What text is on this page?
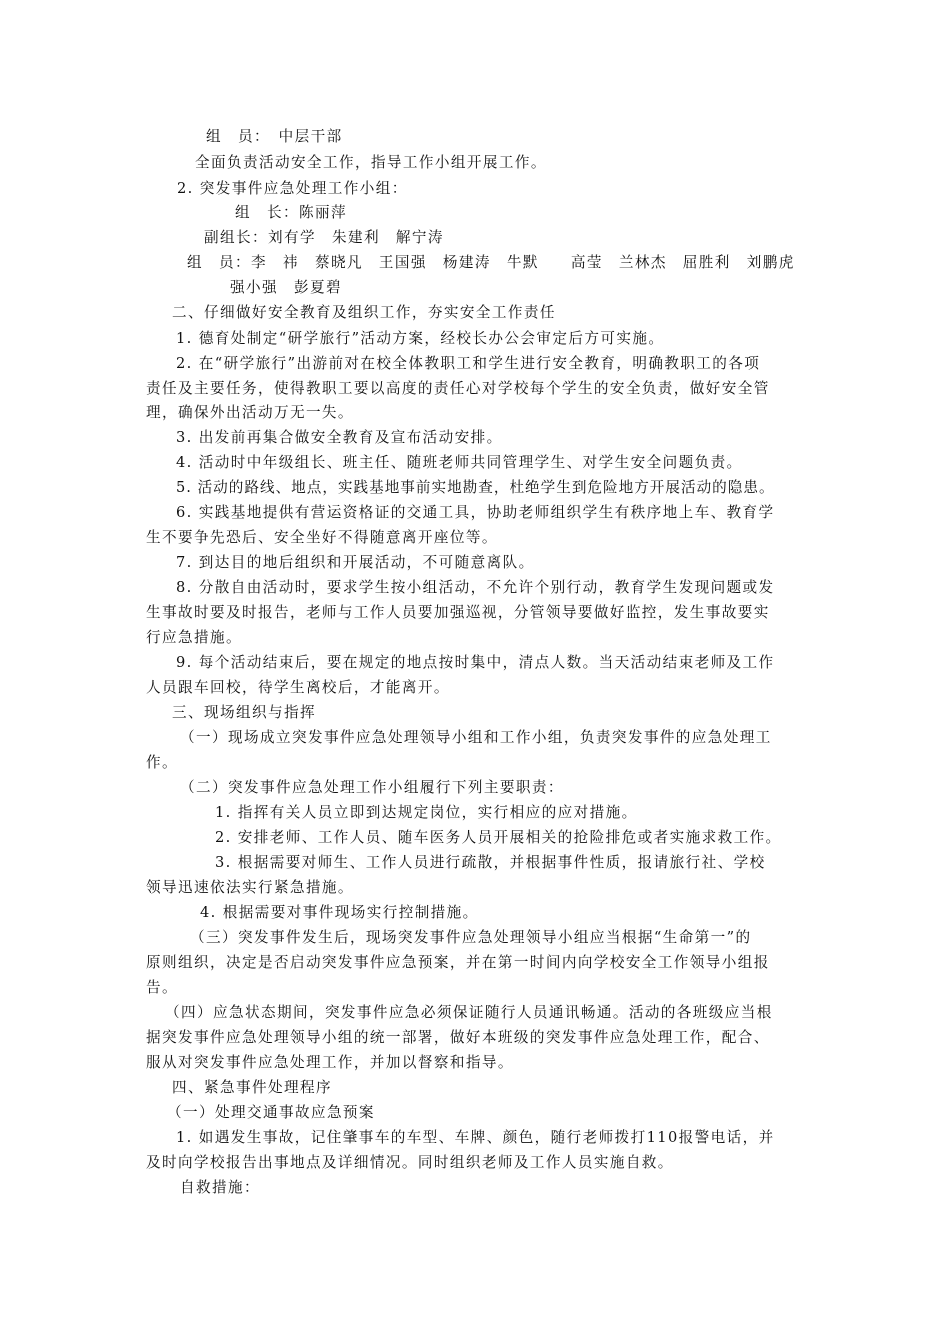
组　员：　中层干部
全面负责活动安全工作，指导工作小组开展工作。
2. 突发事件应急处理工作小组：
组　长：陈丽萍
副组长：刘有学　朱建利　解宁涛
组　员：李　祎　蔡晓凡　王国强　杨建涛　牛默　　高莹　兰林杰　屈胜利　刘鹏虎
强小强　彭夏碧
二、仔细做好安全教育及组织工作，夯实安全工作责任
1. 德育处制定“研学旅行”活动方案，经校长办公会审定后方可实施。
2. 在“研学旅行”出游前对在校全体教职工和学生进行安全教育，明确教职工的各项
责任及主要任务，使得教职工要以高度的责任心对学校每个学生的安全负责，做好安全管
理，确保外出活动万无一失。
3. 出发前再集合做安全教育及宣布活动安排。
4. 活动时中年级组长、班主任、随班老师共同管理学生、对学生安全问题负责。
5. 活动的路线、地点，实践基地事前实地勘查，杜绝学生到危险地方开展活动的隐患。
6. 实践基地提供有营运资格证的交通工具，协助老师组织学生有秩序地上车、教育学
生不要争先恐后、安全坐好不得随意离开座位等。
7. 到达目的地后组织和开展活动，不可随意离队。
8. 分散自由活动时，要求学生按小组活动，不允许个别行动，教育学生发现问题或发
生事故时要及时报告，老师与工作人员要加强巡视，分管领导要做好监控，发生事故要实
行应急措施。
9. 每个活动结束后，要在规定的地点按时集中，清点人数。当天活动结束老师及工作
人员跟车回校，待学生离校后，才能离开。
三、现场组织与指挥
（一）现场成立突发事件应急处理领导小组和工作小组，负责突发事件的应急处理工
作。
（二）突发事件应急处理工作小组履行下列主要职责：
1. 指挥有关人员立即到达规定岗位，实行相应的应对措施。
2. 安排老师、工作人员、随车医务人员开展相关的抢险排危或者实施求救工作。
3. 根据需要对师生、工作人员进行疏散，并根据事件性质，报请旅行社、学校
领导迅速依法实行紧急措施。
4. 根据需要对事件现场实行控制措施。
（三）突发事件发生后，现场突发事件应急处理领导小组应当根据“生命第一”的
原则组织，决定是否启动突发事件应急预案，并在第一时间内向学校安全工作领导小组报
告。
（四）应急状态期间，突发事件应急必须保证随行人员通讯畅通。活动的各班级应当根
据突发事件应急处理领导小组的统一部署，做好本班级的突发事件应急处理工作，配合、
服从对突发事件应急处理工作，并加以督察和指导。
四、紧急事件处理程序
（一）处理交通事故应急预案
1. 如遇发生事故，记住肇事车的车型、车牌、颜色，随行老师拨打110报警电话，并
及时向学校报告出事地点及详细情况。同时组织老师及工作人员实施自救。
自救措施：
